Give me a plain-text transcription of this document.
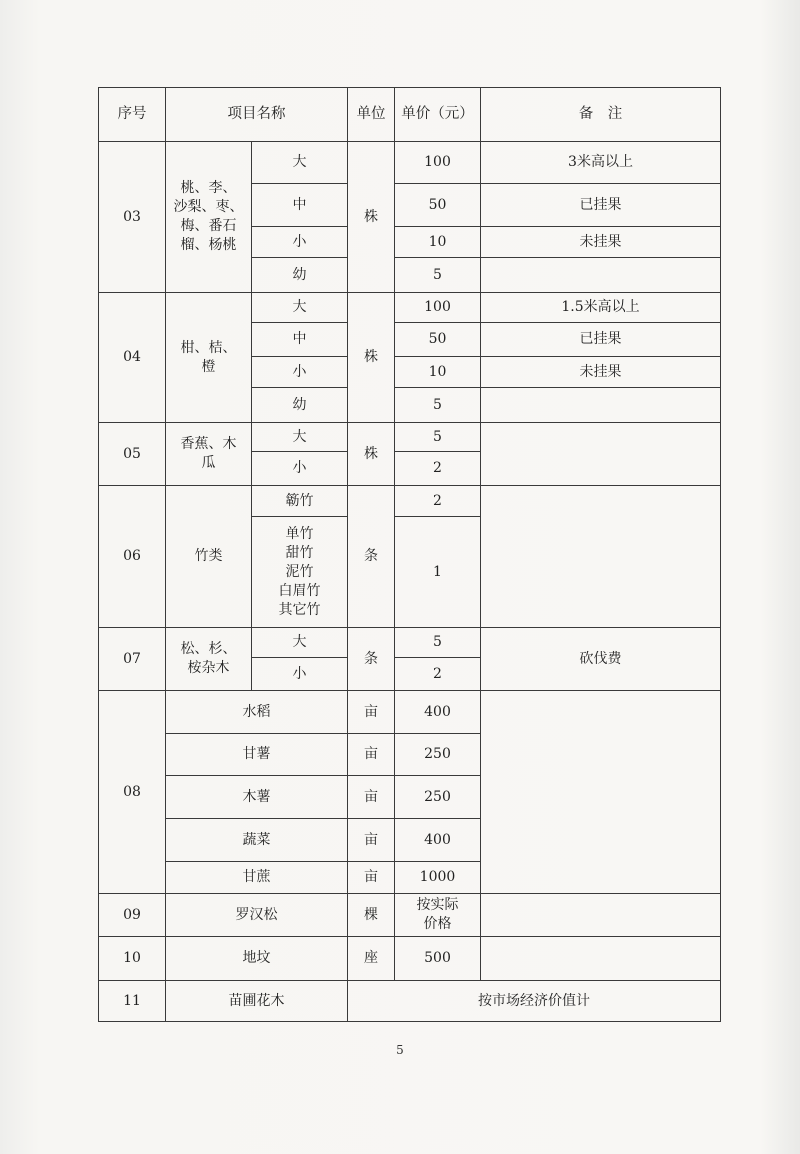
序号	项目名称		单位	单价（元）	备　注
03	桃、李、
沙梨、枣、
梅、番石
榴、杨桃	大	株	100	3米高以上
		中		50	已挂果
		小		10	未挂果
		幼		5	
04	柑、桔、
橙	大	株	100	1.5米高以上
		中		50	已挂果
		小		10	未挂果
		幼		5	
05	香蕉、木
瓜	大	株	5	
		小		2	
06	竹类	簕竹	条	2	
		单竹
甜竹
泥竹
白眉竹
其它竹		1	
07	松、杉、
桉杂木	大	条	5	砍伐费
		小		2	
08	水稻		亩	400	
	甘薯		亩	250	
	木薯		亩	250	
	蔬菜		亩	400	
	甘蔗		亩	1000	
09	罗汉松		棵	按实际
价格	
10	地坟		座	500	
11	苗圃花木		按市场经济价值计		
5
